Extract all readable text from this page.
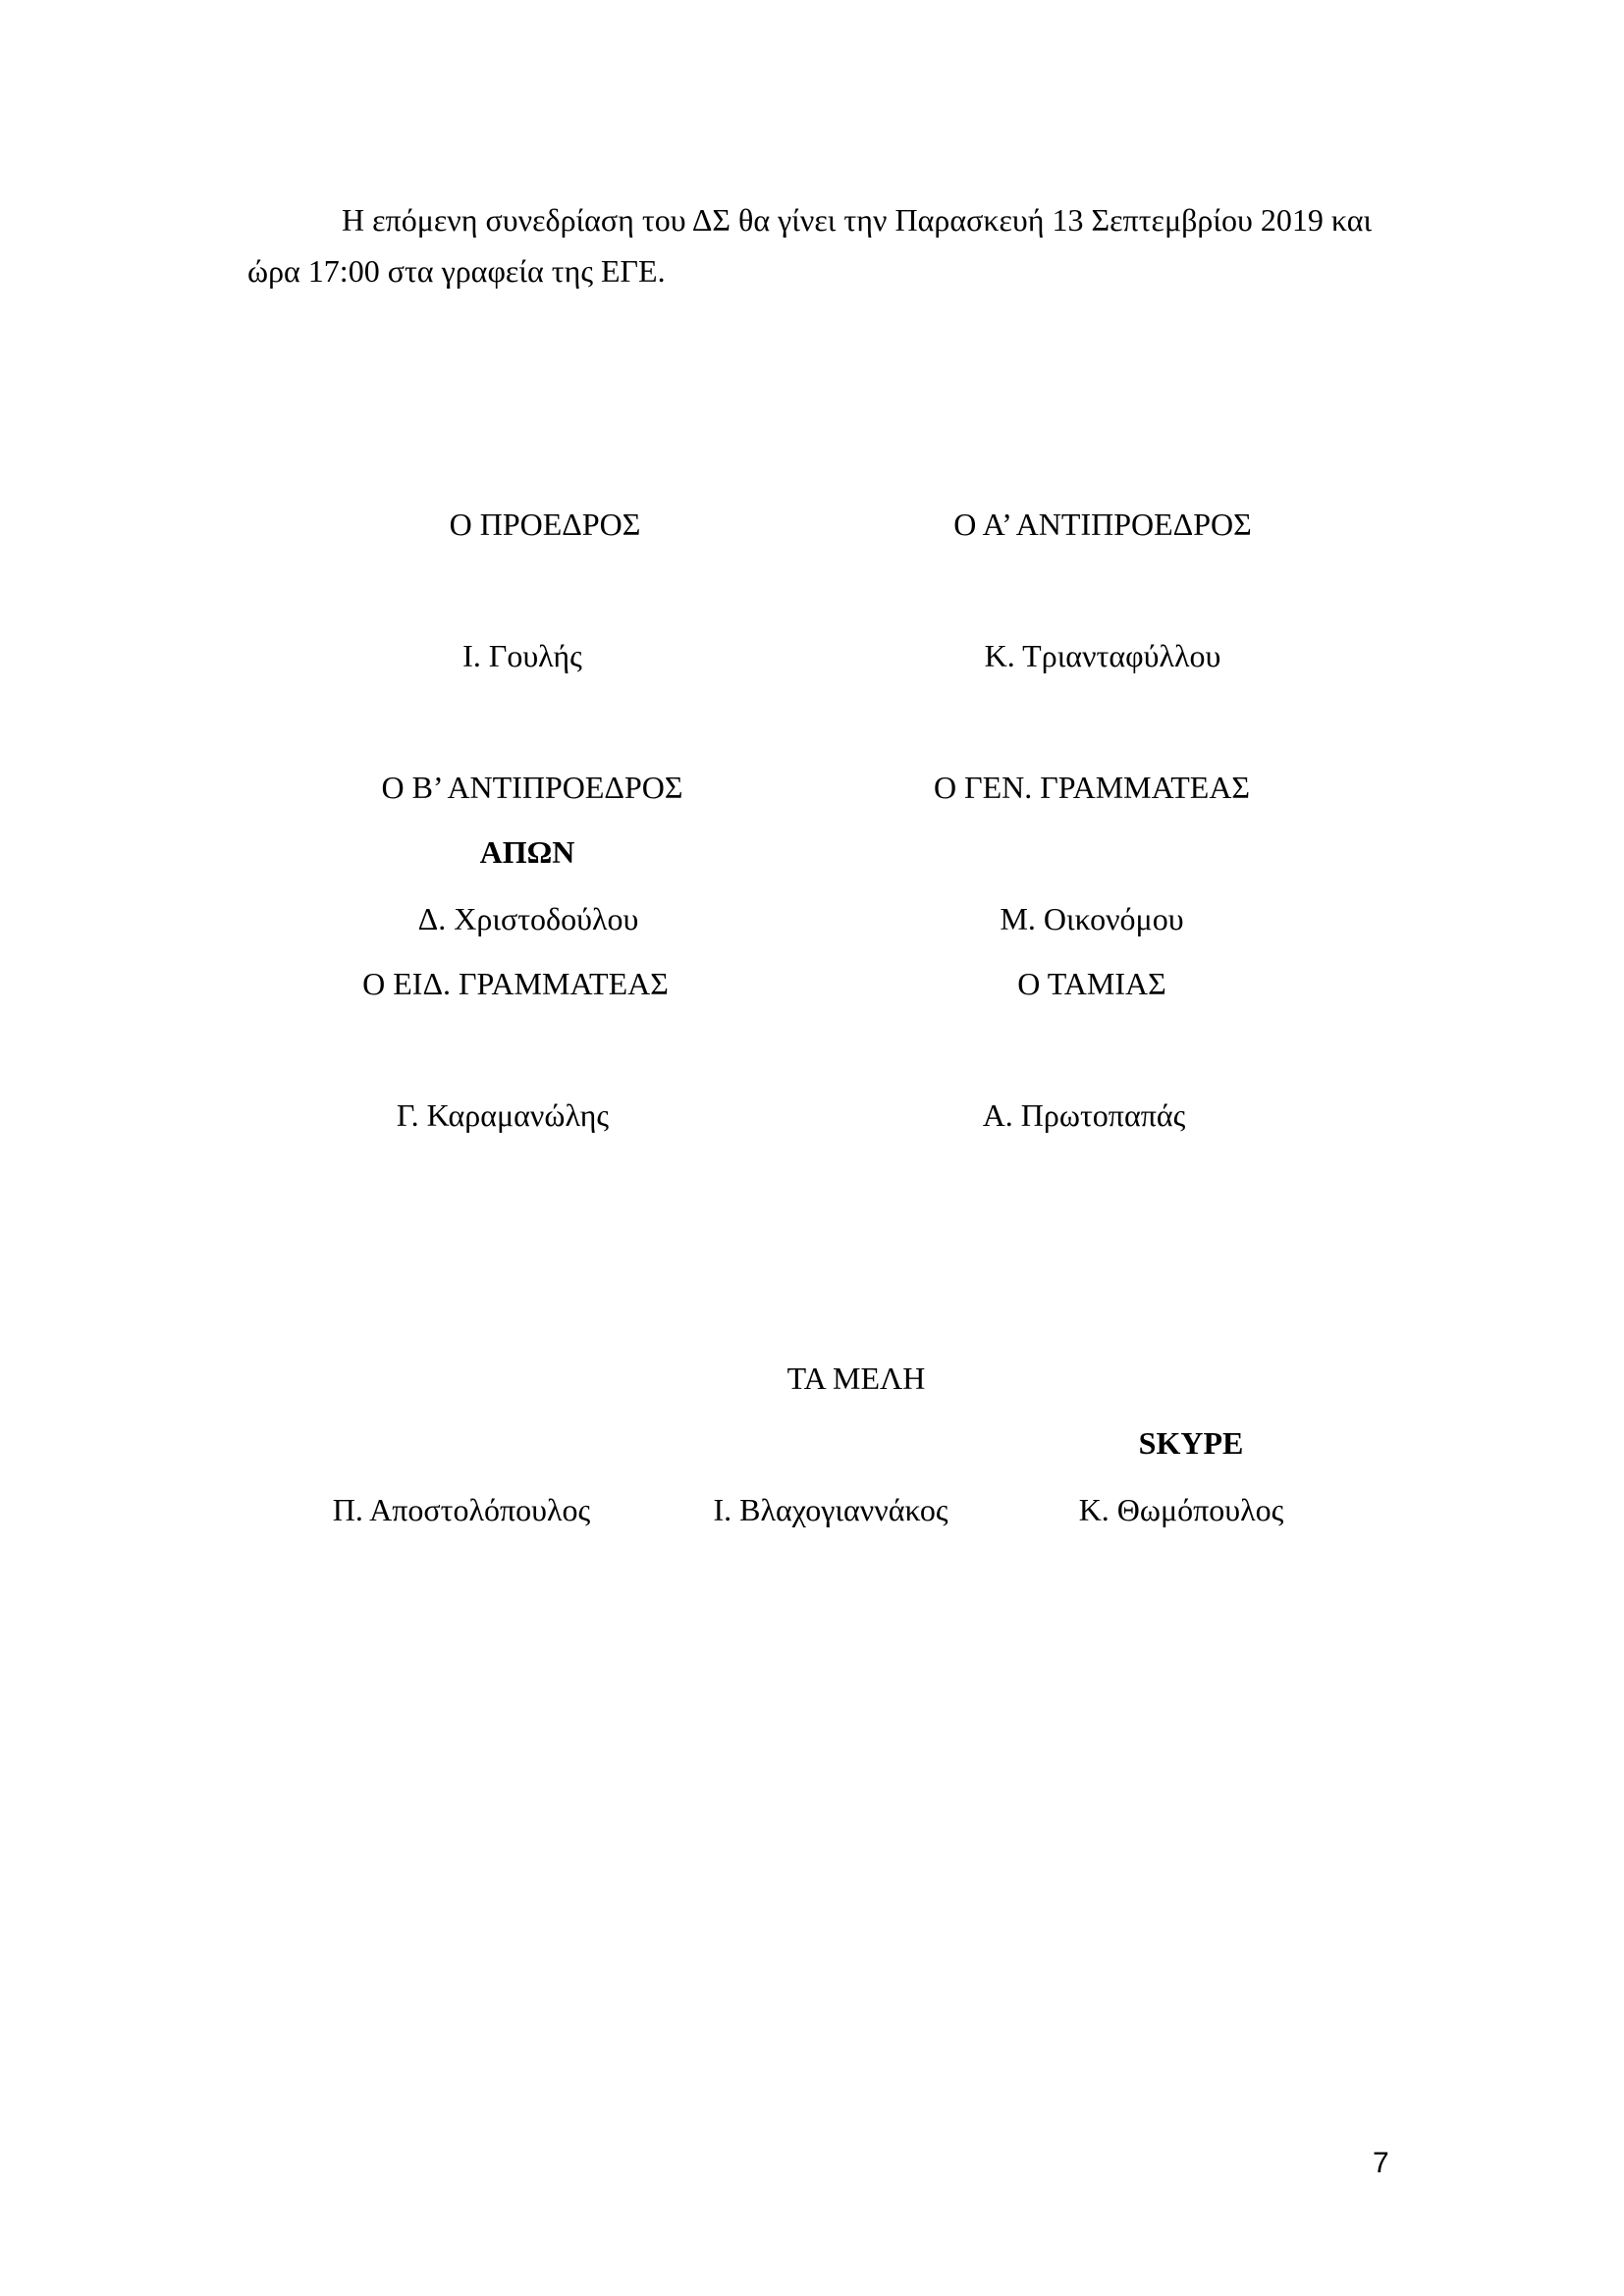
Η επόμενη συνεδρίαση του ΔΣ θα γίνει την Παρασκευή 13 Σεπτεμβρίου 2019 και ώρα 17:00 στα γραφεία της ΕΓΕ.

Ο ΠΡΟΕΔΡΟΣ	Ο Α’ ΑΝΤΙΠΡΟΕΔΡΟΣ
Ι. Γουλής	Κ. Τριανταφύλλου
Ο Β’ ΑΝΤΙΠΡΟΕΔΡΟΣ	Ο ΓΕΝ. ΓΡΑΜΜΑΤΕΑΣ
ΑΠΩΝ
Δ. Χριστοδούλου	Μ. Οικονόμου
Ο ΕΙΔ. ΓΡΑΜΜΑΤΕΑΣ	Ο ΤΑΜΙΑΣ
Γ. Καραμανώλης	Α. Πρωτοπαπάς
ΤΑ ΜΕΛΗ
SKYPE
Π. Αποστολόπουλος	Ι. Βλαχογιαννάκος	Κ. Θωμόπουλος
7
